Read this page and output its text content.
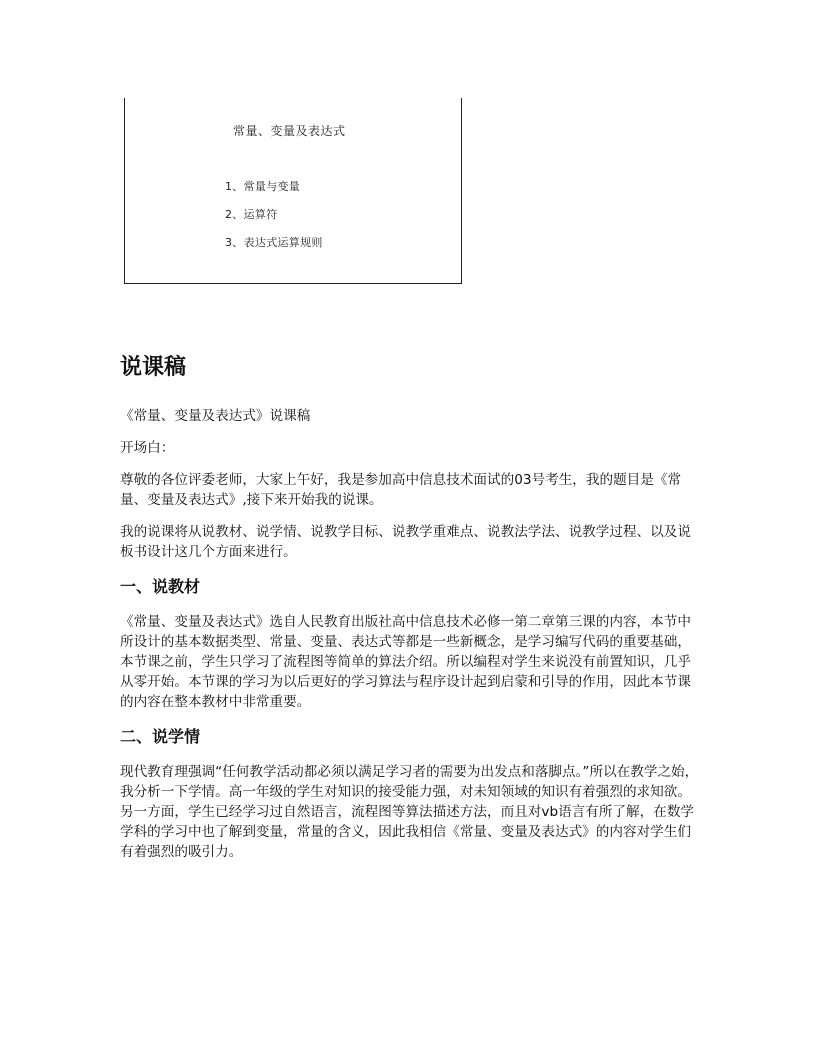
常量、变量及表达式
1、常量与变量
2、运算符
3、表达式运算规则
说课稿

《常量、变量及表达式》说课稿

开场白：

尊敬的各位评委老师，大家上午好，我是参加高中信息技术面试的03号考生，我的题目是《常量、变量及表达式》,接下来开始我的说课。

我的说课将从说教材、说学情、说教学目标、说教学重难点、说教法学法、说教学过程、以及说板书设计这几个方面来进行。

一、说教材

《常量、变量及表达式》选自人民教育出版社高中信息技术必修一第二章第三课的内容，本节中所设计的基本数据类型、常量、变量、表达式等都是一些新概念，是学习编写代码的重要基础，本节课之前，学生只学习了流程图等简单的算法介绍。所以编程对学生来说没有前置知识，几乎从零开始。本节课的学习为以后更好的学习算法与程序设计起到启蒙和引导的作用，因此本节课的内容在整本教材中非常重要。

二、说学情

现代教育理强调“任何教学活动都必须以满足学习者的需要为出发点和落脚点。”所以在教学之始，我分析一下学情。高一年级的学生对知识的接受能力强，对未知领域的知识有着强烈的求知欲。另一方面，学生已经学习过自然语言，流程图等算法描述方法，而且对vb语言有所了解，在数学学科的学习中也了解到变量，常量的含义，因此我相信《常量、变量及表达式》的内容对学生们有着强烈的吸引力。
